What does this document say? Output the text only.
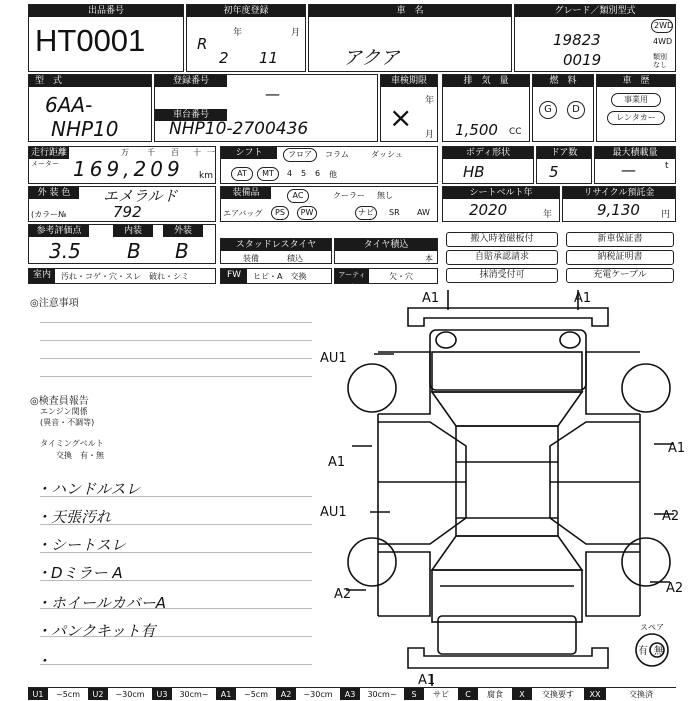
出品番号
HT0001
初年度登録
R
年	月
2 11
車　名
アクア
グレード／類別型式
19823
0019
2WD
4WD
類別なし
型　式
6AA-
NHP10
登録番号
—
車台番号
NHP10-2700436
車検期限
× 年
月
排　気　量
1,500 CC
燃　料
G	D
車　歴
事業用
レンタカー
走行距離
メーター
万 千 百 十 一
169,209 km
シフト	フロア	コラム	ダッシュ
AT	MT	4 5 6 他
ボディ形状
HB
ドア数
5
最大積載量
—	t
外 装 色	エメラルド
(カラー№	792
装備品	AC	クーラー 無し
エアバッグ	PS	PW	ナビ	SR AW
シートベルト年
2020	年
リサイクル預託金
9,130 円
参考評価点	内装	外装
3.5 B B	スタッドレスタイヤ
装備	積込
タイヤ積込
本
搬入時着磁板付	新車保証書
自賠承認請求	納税証明書
抹消受付可	充電ケーブル
室内	汚れ・コゲ・穴・スレ　破れ・シミ	FW	ヒビ・A　交換	アーティオ
欠・穴
◎注意事項
◎検査員報告
エンジン関係
(異音・不調等)
タイミングベルト
交換　有・無
・ハンドルスレ
・天張汚れ
・シートスレ
・Dミラー A
・ホイールカバーA
・パンクキット有
・
A1	A1
AU1
A1
A1
AU1
A2
A2
A2
A1
スペア
有 無
U1	~5cm	U2	~30cm	U3	30cm~	A1	~5cm	A2	~30cm	A3	30cm~	S	サビ	C	腐食	X	交換要す	XX	交換済
